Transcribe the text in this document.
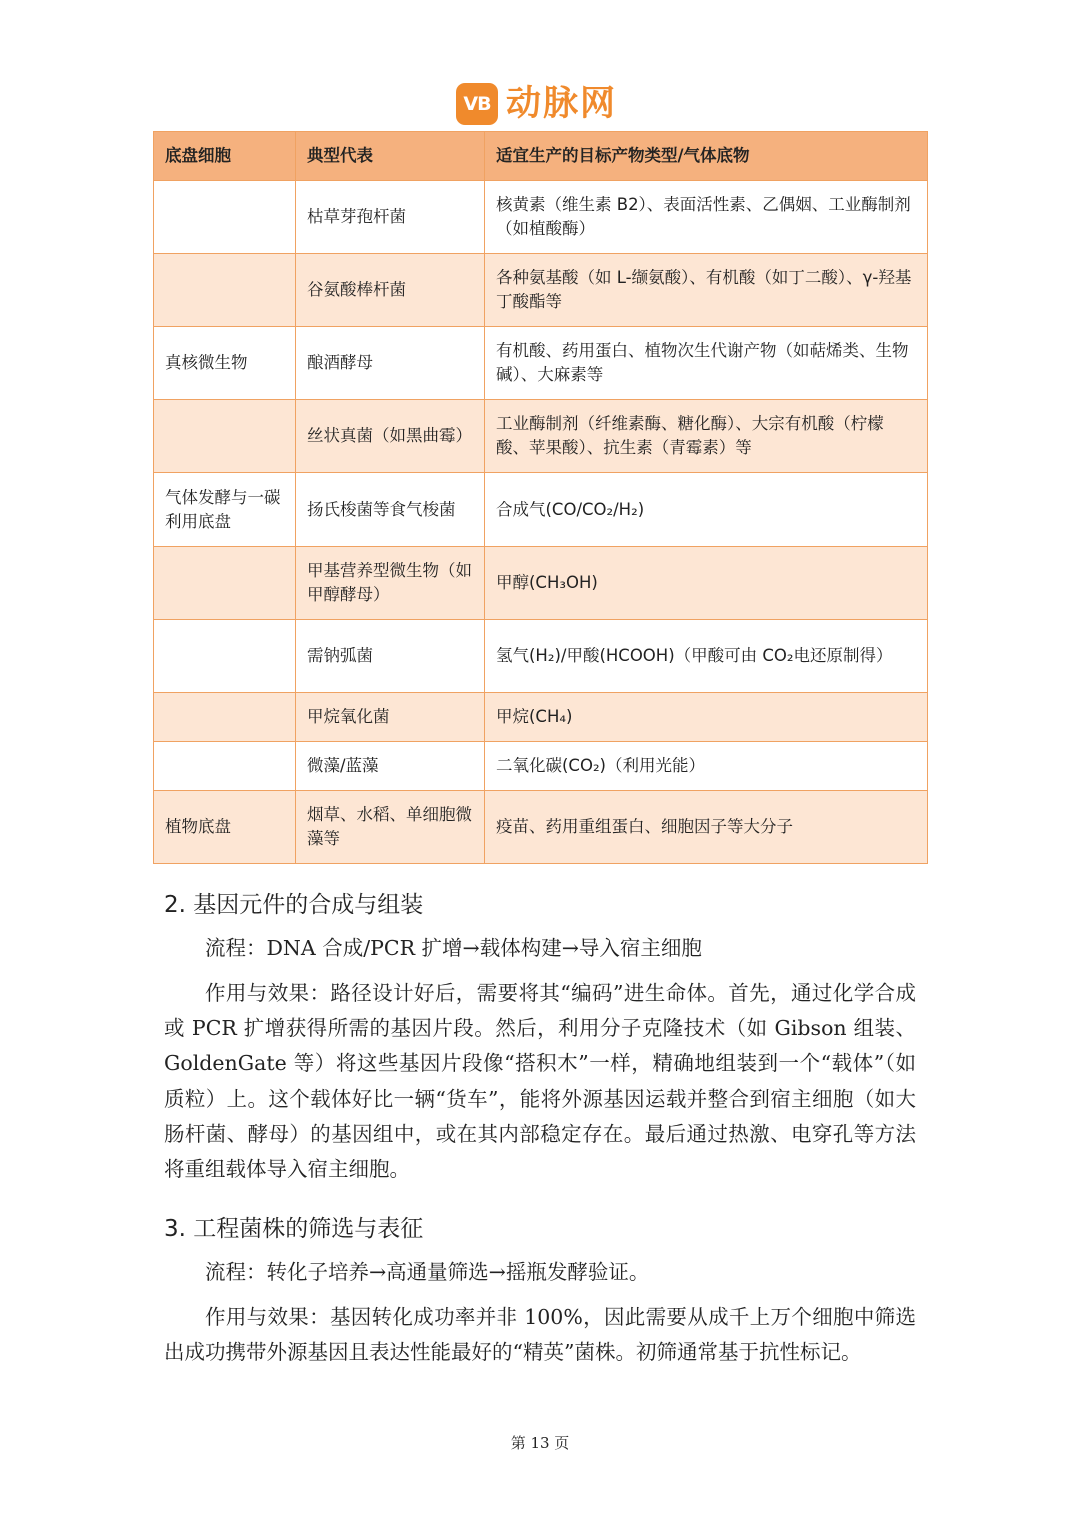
VB 动脉网
底盘细胞	典型代表	适宜生产的目标产物类型/气体底物
	枯草芽孢杆菌	核黄素（维生素 B2）、表面活性素、乙偶姻、工业酶制剂（如植酸酶）
	谷氨酸棒杆菌	各种氨基酸（如 L-缬氨酸）、有机酸（如丁二酸）、γ-羟基丁酸酯等
真核微生物	酿酒酵母	有机酸、药用蛋白、植物次生代谢产物（如萜烯类、生物碱）、大麻素等
	丝状真菌（如黑曲霉）	工业酶制剂（纤维素酶、糖化酶）、大宗有机酸（柠檬酸、苹果酸）、抗生素（青霉素）等
气体发酵与一碳利用底盘	扬氏梭菌等食气梭菌	合成气(CO/CO₂/H₂)
	甲基营养型微生物（如甲醇酵母）	甲醇(CH₃OH)
	需钠弧菌	氢气(H₂)/甲酸(HCOOH)（甲酸可由 CO₂电还原制得）
	甲烷氧化菌	甲烷(CH₄)
	微藻/蓝藻	二氧化碳(CO₂)（利用光能）
植物底盘	烟草、水稻、单细胞微藻等	疫苗、药用重组蛋白、细胞因子等大分子
2. 基因元件的合成与组装
流程：DNA 合成/PCR 扩增→载体构建→导入宿主细胞
作用与效果：路径设计好后，需要将其“编码”进生命体。首先，通过化学合成或 PCR 扩增获得所需的基因片段。然后，利用分子克隆技术（如 Gibson 组装、GoldenGate 等）将这些基因片段像“搭积木”一样，精确地组装到一个“载体”（如质粒）上。这个载体好比一辆“货车”，能将外源基因运载并整合到宿主细胞（如大肠杆菌、酵母）的基因组中，或在其内部稳定存在。最后通过热激、电穿孔等方法将重组载体导入宿主细胞。
3. 工程菌株的筛选与表征
流程：转化子培养→高通量筛选→摇瓶发酵验证。
作用与效果：基因转化成功率并非 100%，因此需要从成千上万个细胞中筛选出成功携带外源基因且表达性能最好的“精英”菌株。初筛通常基于抗性标记。
第 13 页
